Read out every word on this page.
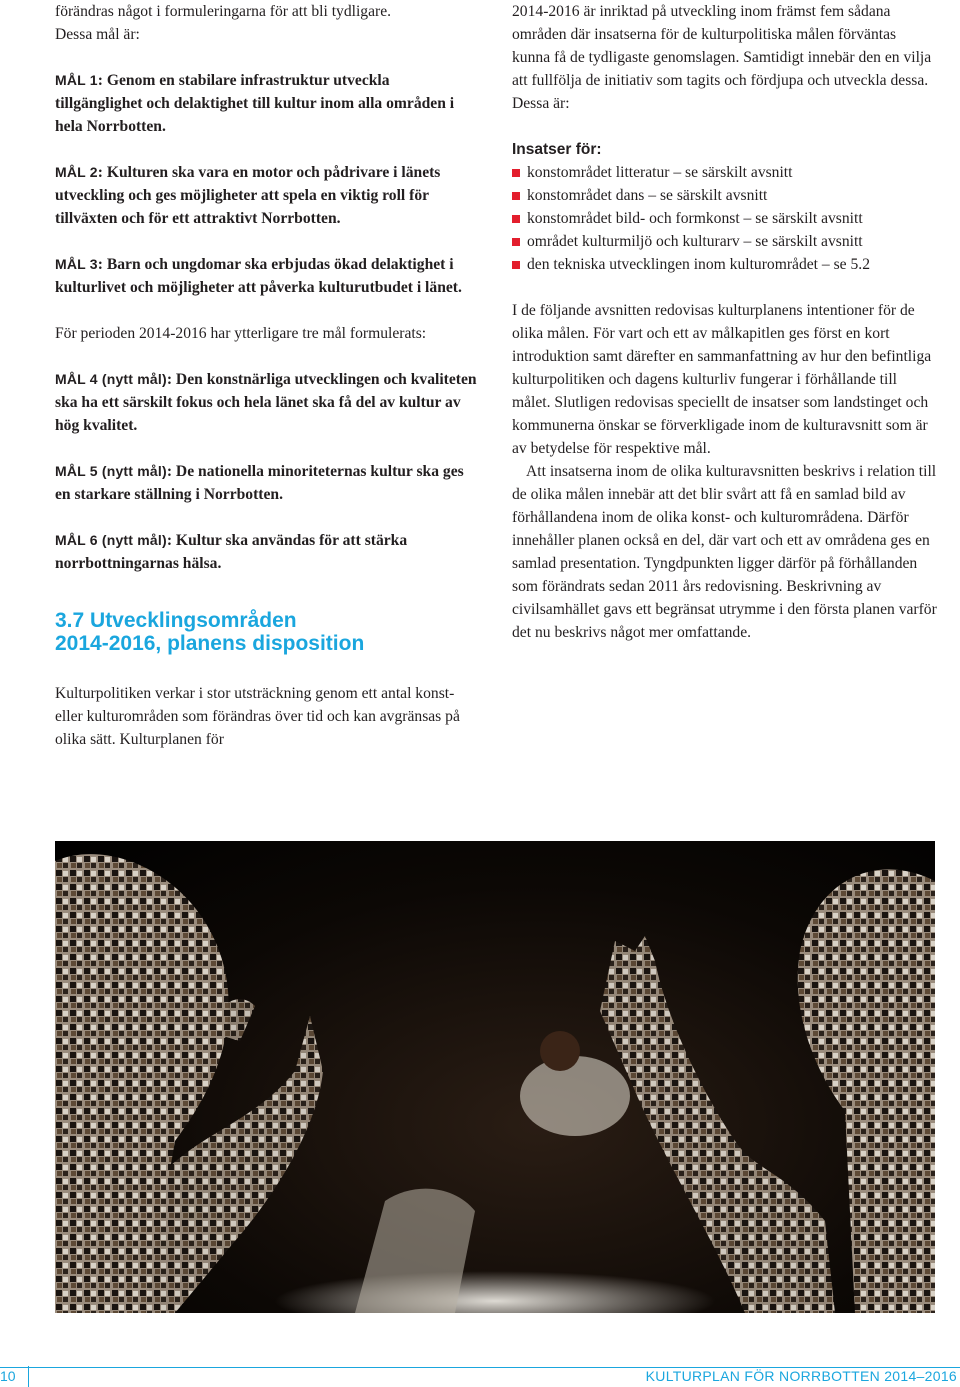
förändras något i formuleringarna för att bli tydligare.

Dessa mål är:

MÅL 1: Genom en stabilare infrastruktur utveckla tillgänglighet och delaktighet till kultur inom alla områden i hela Norrbotten.

MÅL 2: Kulturen ska vara en motor och pådrivare i länets utveckling och ges möjligheter att spela en viktig roll för tillväxten och för ett attraktivt Norrbotten.

MÅL 3: Barn och ungdomar ska erbjudas ökad delaktighet i kulturlivet och möjligheter att påverka kulturutbudet i länet.

För perioden 2014-2016 har ytterligare tre mål formulerats:

MÅL 4 (nytt mål): Den konstnärliga utvecklingen och kvaliteten ska ha ett särskilt fokus och hela länet ska få del av kultur av hög kvalitet.

MÅL 5 (nytt mål): De nationella minoriteternas kultur ska ges en starkare ställning i Norrbotten.

MÅL 6 (nytt mål): Kultur ska användas för att stärka norrbottningarnas hälsa.

3.7 Utvecklingsområden
2014-2016, planens disposition

Kulturpolitiken verkar i stor utsträckning genom ett antal konst- eller kulturområden som förändras över tid och kan avgränsas på olika sätt. Kulturplanen för

2014-2016 är inriktad på utveckling inom främst fem sådana områden där insatserna för de kulturpolitiska målen förväntas kunna få de tydligaste genomslagen. Samtidigt innebär den en vilja att fullfölja de initiativ som tagits och fördjupa och utveckla dessa. Dessa är:

Insatser för:
konstområdet litteratur – se särskilt avsnitt
konstområdet dans – se särskilt avsnitt
konstområdet bild- och formkonst – se särskilt avsnitt
området kulturmiljö och kulturarv – se särskilt avsnitt
den tekniska utvecklingen inom kulturområdet – se 5.2

I de följande avsnitten redovisas kulturplanens intentioner för de olika målen. För vart och ett av målkapitlen ges först en kort introduktion samt därefter en sammanfattning av hur den befintliga kulturpolitiken och dagens kulturliv fungerar i förhållande till målet. Slutligen redovisas speciellt de insatser som landstinget och kommunerna önskar se förverkligade inom de kulturavsnitt som är av betydelse för respektive mål.

Att insatserna inom de olika kulturavsnitten beskrivs i relation till de olika målen innebär att det blir svårt att få en samlad bild av förhållandena inom de olika konst- och kulturområdena. Därför innehåller planen också en del, där vart och ett av områdena ges en samlad presentation. Tyngdpunkten ligger därför på förhållanden som förändrats sedan 2011 års redovisning. Beskrivning av civilsamhället gavs ett begränsat utrymme i den första planen varför det nu beskrivs något mer omfattande.

10	KULTURPLAN FÖR NORRBOTTEN 2014–2016
